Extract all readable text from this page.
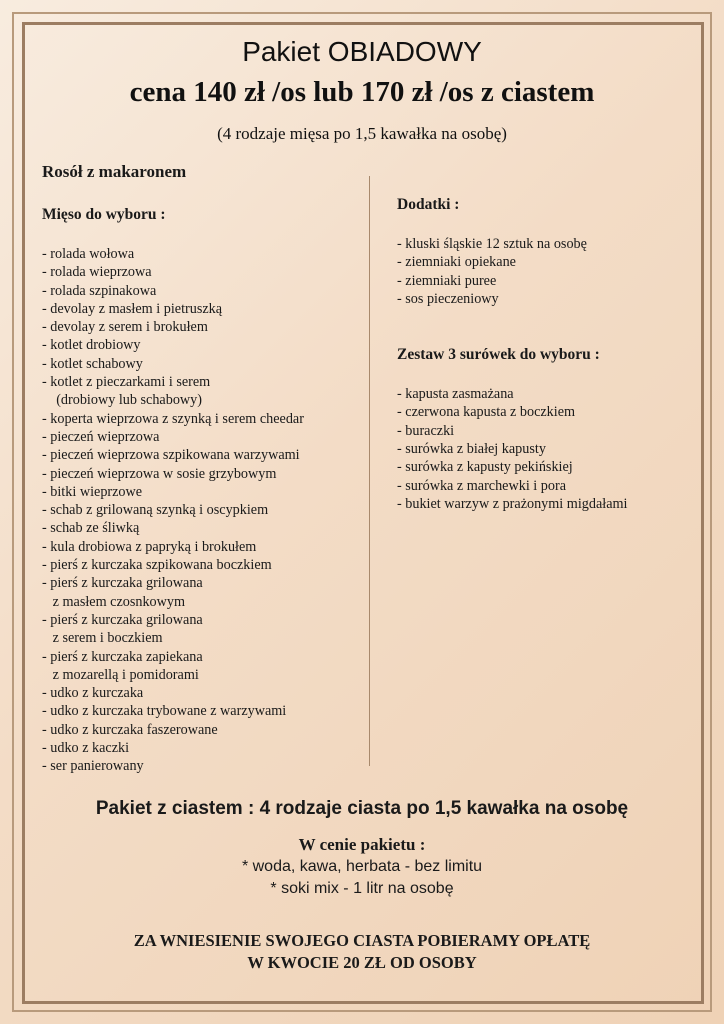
Pakiet OBIADOWY
cena 140 zł /os lub 170 zł /os z ciastem
(4 rodzaje mięsa po 1,5 kawałka na osobę)

Rosół z makaronem

Mięso do wyboru :

- rolada wołowa
- rolada wieprzowa
- rolada szpinakowa
- devolay z masłem i pietruszką
- devolay z serem i brokułem
- kotlet drobiowy
- kotlet schabowy
- kotlet z pieczarkami i serem
(drobiowy lub schabowy)
- koperta wieprzowa z szynką i serem cheedar
- pieczeń wieprzowa
- pieczeń wieprzowa szpikowana warzywami
- pieczeń wieprzowa w sosie grzybowym
- bitki wieprzowe
- schab z grilowaną szynką i oscypkiem
- schab ze śliwką
- kula drobiowa z papryką i brokułem
- pierś z kurczaka szpikowana boczkiem
- pierś z kurczaka grilowana
z masłem czosnkowym
- pierś z kurczaka grilowana
z serem i boczkiem
- pierś z kurczaka zapiekana
z mozarellą i pomidorami
- udko z kurczaka
- udko z kurczaka trybowane z warzywami
- udko z kurczaka faszerowane
- udko z kaczki
- ser panierowany

Dodatki :

- kluski śląskie 12 sztuk na osobę
- ziemniaki opiekane
- ziemniaki puree
- sos pieczeniowy

Zestaw 3 surówek do wyboru :

- kapusta zasmażana
- czerwona kapusta z boczkiem
- buraczki
- surówka z białej kapusty
- surówka z kapusty pekińskiej
- surówka z marchewki i pora
- bukiet warzyw z prażonymi migdałami
Pakiet z ciastem : 4 rodzaje ciasta po 1,5 kawałka na osobę
W cenie pakietu :
* woda, kawa, herbata - bez limitu
* soki mix - 1 litr na osobę
ZA WNIESIENIE SWOJEGO CIASTA POBIERAMY OPŁATĘ
W KWOCIE 20 ZŁ OD OSOBY
